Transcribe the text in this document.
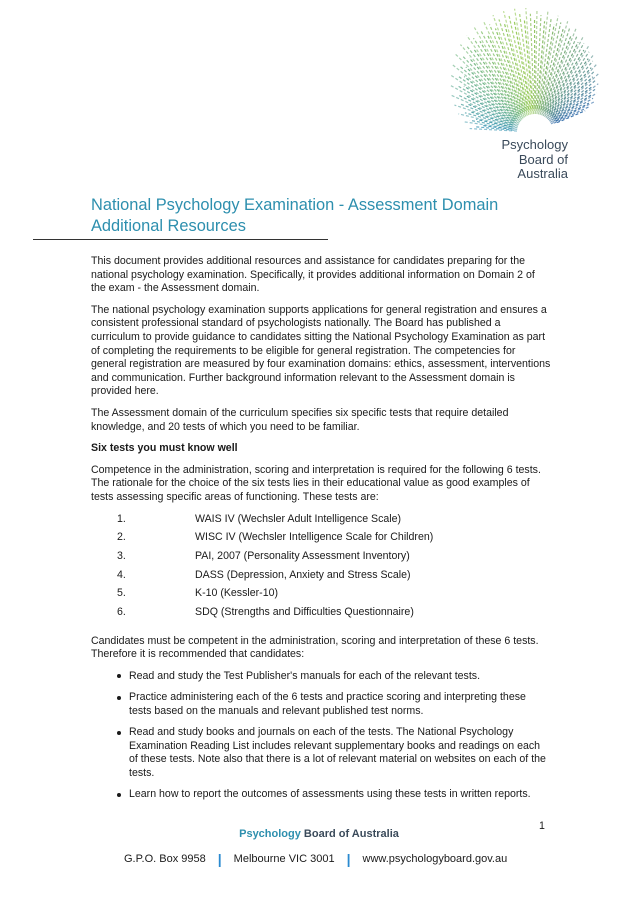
Psychology
Board of
Australia
National Psychology Examination - Assessment Domain Additional Resources

This document provides additional resources and assistance for candidates preparing for the national psychology examination. Specifically, it provides additional information on Domain 2 of the exam - the Assessment domain.

The national psychology examination supports applications for general registration and ensures a consistent professional standard of psychologists nationally. The Board has published a curriculum to provide guidance to candidates sitting the National Psychology Examination as part of completing the requirements to be eligible for general registration. The competencies for general registration are measured by four examination domains: ethics, assessment, interventions and communication. Further background information relevant to the Assessment domain is provided here.

The Assessment domain of the curriculum specifies six specific tests that require detailed knowledge, and 20 tests of which you need to be familiar.

Six tests you must know well

Competence in the administration, scoring and interpretation is required for the following 6 tests. The rationale for the choice of the six tests lies in their educational value as good examples of tests assessing specific areas of functioning. These tests are:

1.	WAIS IV (Wechsler Adult Intelligence Scale)
2.	WISC IV (Wechsler Intelligence Scale for Children)
3.	PAI, 2007 (Personality Assessment Inventory)
4.	DASS (Depression, Anxiety and Stress Scale)
5.	K-10 (Kessler-10)
6.	SDQ (Strengths and Difficulties Questionnaire)

Candidates must be competent in the administration, scoring and interpretation of these 6 tests. Therefore it is recommended that candidates:

Read and study the Test Publisher's manuals for each of the relevant tests.
Practice administering each of the 6 tests and practice scoring and interpreting these tests based on the manuals and relevant published test norms.
Read and study books and journals on each of the tests. The National Psychology Examination Reading List includes relevant supplementary books and readings on each of these tests. Note also that there is a lot of relevant material on websites on each of the tests.
Learn how to report the outcomes of assessments using these tests in written reports.
1
Psychology Board of Australia
G.P.O. Box 9958 | Melbourne VIC 3001 | www.psychologyboard.gov.au
